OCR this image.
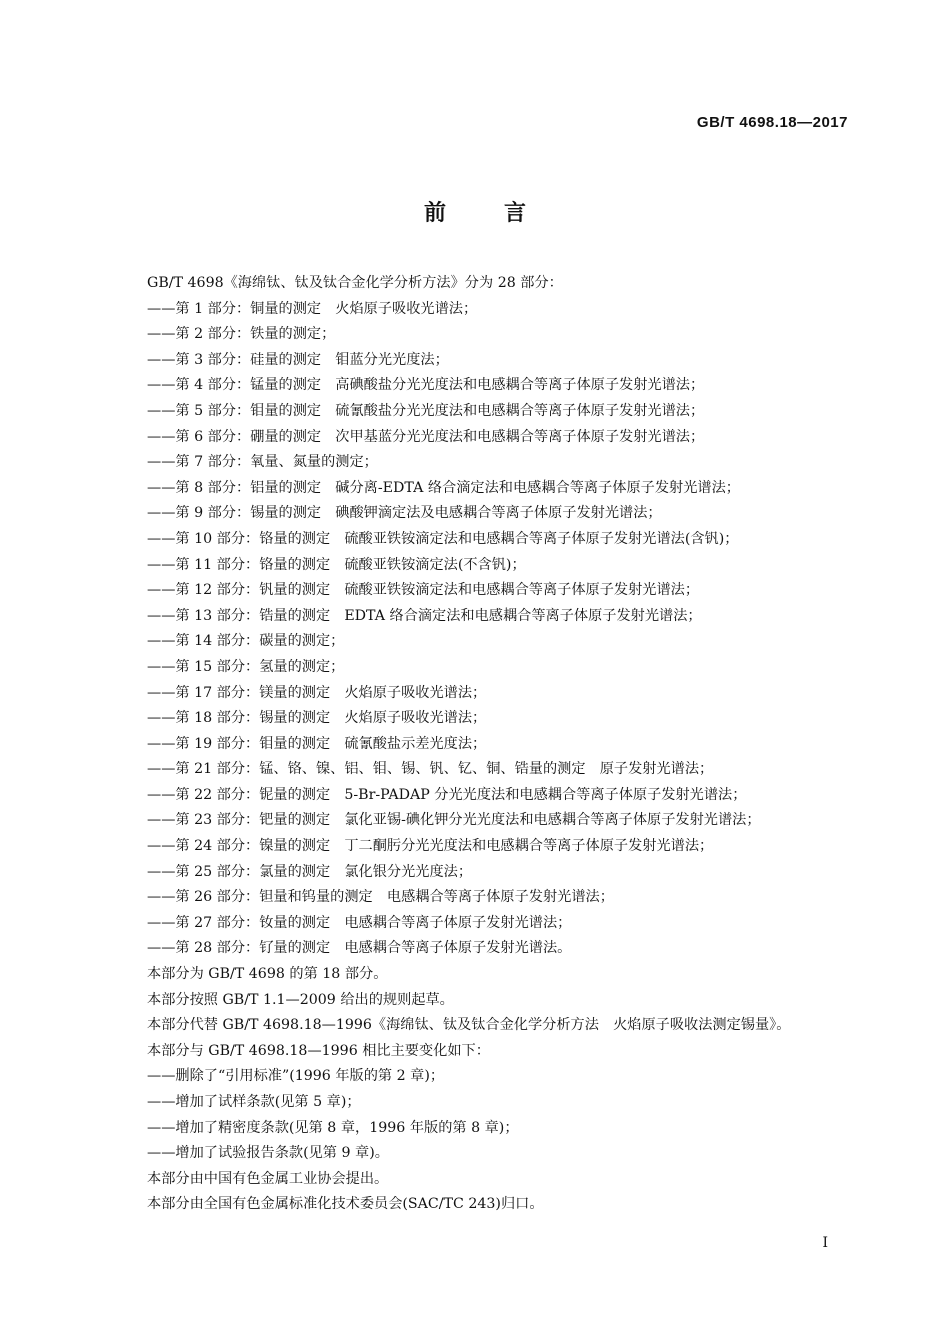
GB/T 4698.18—2017
前言

GB/T 4698《海绵钛、钛及钛合金化学分析方法》分为 28 部分：

——第 1 部分：铜量的测定　火焰原子吸收光谱法；

——第 2 部分：铁量的测定；

——第 3 部分：硅量的测定　钼蓝分光光度法；

——第 4 部分：锰量的测定　高碘酸盐分光光度法和电感耦合等离子体原子发射光谱法；

——第 5 部分：钼量的测定　硫氰酸盐分光光度法和电感耦合等离子体原子发射光谱法；

——第 6 部分：硼量的测定　次甲基蓝分光光度法和电感耦合等离子体原子发射光谱法；

——第 7 部分：氧量、氮量的测定；

——第 8 部分：铝量的测定　碱分离-EDTA 络合滴定法和电感耦合等离子体原子发射光谱法；

——第 9 部分：锡量的测定　碘酸钾滴定法及电感耦合等离子体原子发射光谱法；

——第 10 部分：铬量的测定　硫酸亚铁铵滴定法和电感耦合等离子体原子发射光谱法(含钒)；

——第 11 部分：铬量的测定　硫酸亚铁铵滴定法(不含钒)；

——第 12 部分：钒量的测定　硫酸亚铁铵滴定法和电感耦合等离子体原子发射光谱法；

——第 13 部分：锆量的测定　EDTA 络合滴定法和电感耦合等离子体原子发射光谱法；

——第 14 部分：碳量的测定；

——第 15 部分：氢量的测定；

——第 17 部分：镁量的测定　火焰原子吸收光谱法；

——第 18 部分：锡量的测定　火焰原子吸收光谱法；

——第 19 部分：钼量的测定　硫氰酸盐示差光度法；

——第 21 部分：锰、铬、镍、铝、钼、锡、钒、钇、铜、锆量的测定　原子发射光谱法；

——第 22 部分：铌量的测定　5-Br-PADAP 分光光度法和电感耦合等离子体原子发射光谱法；

——第 23 部分：钯量的测定　氯化亚锡-碘化钾分光光度法和电感耦合等离子体原子发射光谱法；

——第 24 部分：镍量的测定　丁二酮肟分光光度法和电感耦合等离子体原子发射光谱法；

——第 25 部分：氯量的测定　氯化银分光光度法；

——第 26 部分：钽量和钨量的测定　电感耦合等离子体原子发射光谱法；

——第 27 部分：钕量的测定　电感耦合等离子体原子发射光谱法；

——第 28 部分：钌量的测定　电感耦合等离子体原子发射光谱法。

本部分为 GB/T 4698 的第 18 部分。

本部分按照 GB/T 1.1—2009 给出的规则起草。

本部分代替 GB/T 4698.18—1996《海绵钛、钛及钛合金化学分析方法　火焰原子吸收法测定锡量》。

本部分与 GB/T 4698.18—1996 相比主要变化如下：

——删除了“引用标准”(1996 年版的第 2 章)；

——增加了试样条款(见第 5 章)；

——增加了精密度条款(见第 8 章，1996 年版的第 8 章)；

——增加了试验报告条款(见第 9 章)。

本部分由中国有色金属工业协会提出。

本部分由全国有色金属标准化技术委员会(SAC/TC 243)归口。

I
